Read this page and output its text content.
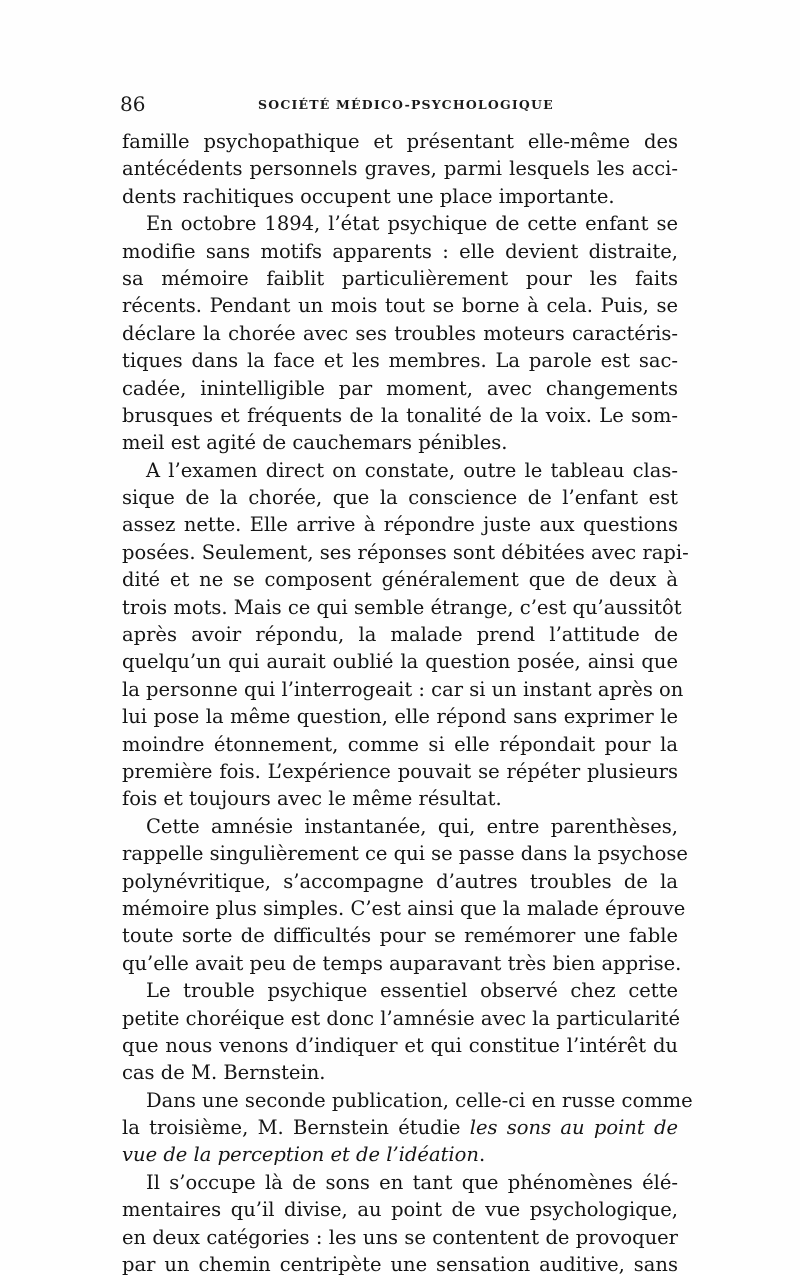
86	SOCIÉTÉ MÉDICO-PSYCHOLOGIQUE
famille psychopathique et présentant elle-même des
antécédents personnels graves, parmi lesquels les acci-
dents rachitiques occupent une place importante.
En octobre 1894, l’état psychique de cette enfant se
modifie sans motifs apparents : elle devient distraite,
sa mémoire faiblit particulièrement pour les faits
récents. Pendant un mois tout se borne à cela. Puis, se
déclare la chorée avec ses troubles moteurs caractéris-
tiques dans la face et les membres. La parole est sac-
cadée, inintelligible par moment, avec changements
brusques et fréquents de la tonalité de la voix. Le som-
meil est agité de cauchemars pénibles.
A l’examen direct on constate, outre le tableau clas-
sique de la chorée, que la conscience de l’enfant est
assez nette. Elle arrive à répondre juste aux questions
posées. Seulement, ses réponses sont débitées avec rapi-
dité et ne se composent généralement que de deux à
trois mots. Mais ce qui semble étrange, c’est qu’aussitôt
après avoir répondu, la malade prend l’attitude de
quelqu’un qui aurait oublié la question posée, ainsi que
la personne qui l’interrogeait : car si un instant après on
lui pose la même question, elle répond sans exprimer le
moindre étonnement, comme si elle répondait pour la
première fois. L’expérience pouvait se répéter plusieurs
fois et toujours avec le même résultat.
Cette amnésie instantanée, qui, entre parenthèses,
rappelle singulièrement ce qui se passe dans la psychose
polynévritique, s’accompagne d’autres troubles de la
mémoire plus simples. C’est ainsi que la malade éprouve
toute sorte de difficultés pour se remémorer une fable
qu’elle avait peu de temps auparavant très bien apprise.
Le trouble psychique essentiel observé chez cette
petite choréique est donc l’amnésie avec la particularité
que nous venons d’indiquer et qui constitue l’intérêt du
cas de M. Bernstein.
Dans une seconde publication, celle-ci en russe comme
la troisième, M. Bernstein étudie les sons au point de
vue de la perception et de l’idéation.
Il s’occupe là de sons en tant que phénomènes élé-
mentaires qu’il divise, au point de vue psychologique,
en deux catégories : les uns se contentent de provoquer
par un chemin centripète une sensation auditive, sans
